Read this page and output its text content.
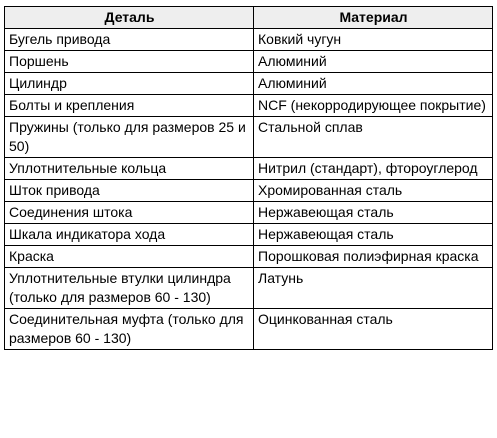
Деталь	Материал
Бугель привода	Ковкий чугун
Поршень	Алюминий
Цилиндр	Алюминий
Болты и крепления	NCF (некорродирующее покрытие)
Пружины (только для размеров 25 и 50)	Стальной сплав
Уплотнительные кольца	Нитрил (стандарт), фтороуглерод
Шток привода	Хромированная сталь
Соединения штока	Нержавеющая сталь
Шкала индикатора хода	Нержавеющая сталь
Краска	Порошковая полиэфирная краска
Уплотнительные втулки цилиндра (только для размеров 60 - 130)	Латунь
Соединительная муфта (только для размеров 60 - 130)	Оцинкованная сталь
